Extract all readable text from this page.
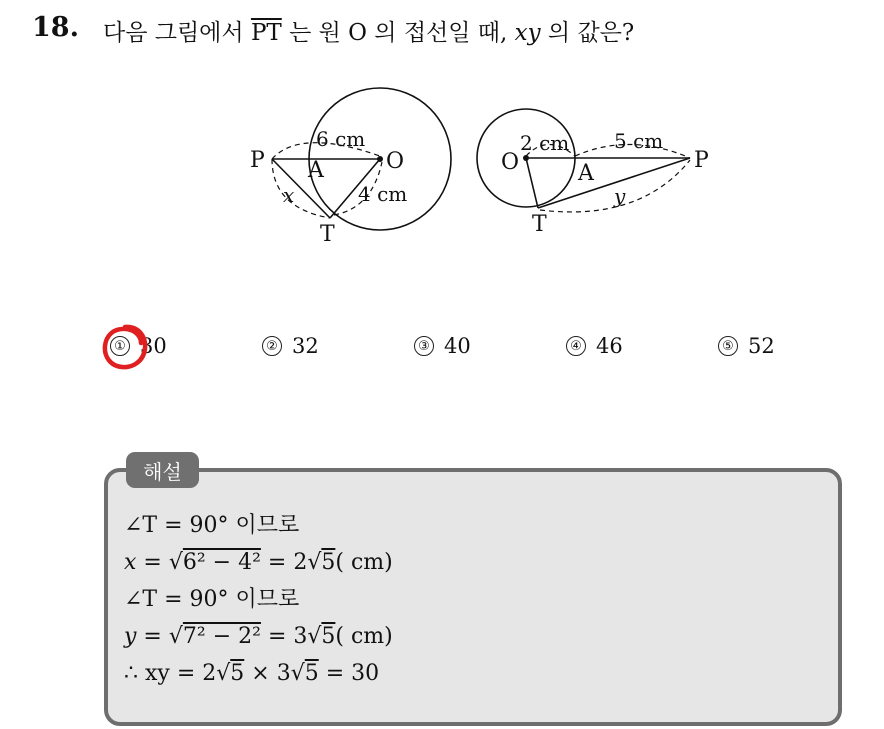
18. 다음 그림에서 $\overline{PT}$ 는 원 O 의 접선일 때, xy 의 값은?
P A	O
T
x
6 cm
4 cm
O	A
P
T
y
2 cm 5 cm
① 30	② 32	③ 40	④ 46	⑤ 52
해설
∠T = 90° 이므로
x = √6² − 4² = 2√5( cm)
∠T = 90° 이므로
y = √7² − 2² = 3√5( cm)
∴ xy = 2√5 × 3√5 = 30
